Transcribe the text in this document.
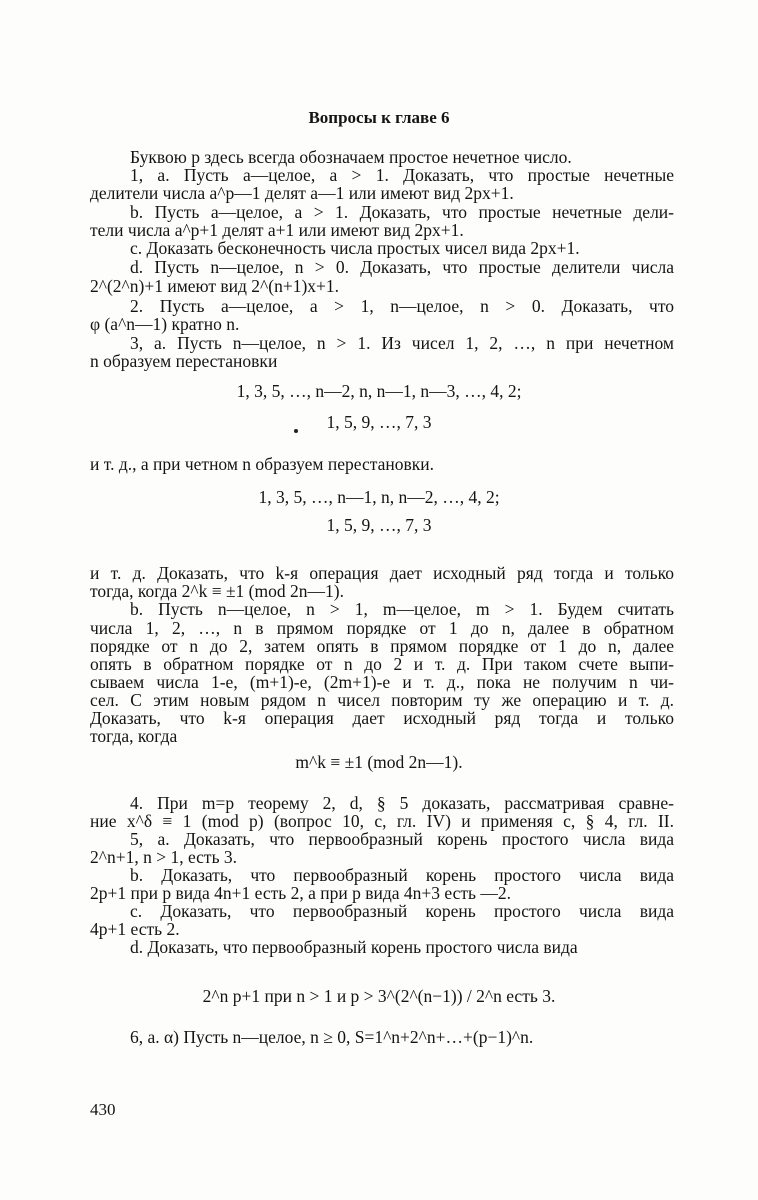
Вопросы к главе 6
Буквою p здесь всегда обозначаем простое нечетное число.
1, a. Пусть a—целое, a > 1. Доказать, что простые нечетные
делители числа a^p—1 делят a—1 или имеют вид 2px+1.
b. Пусть a—целое, a > 1. Доказать, что простые нечетные дели-
тели числа a^p+1 делят a+1 или имеют вид 2px+1.
c. Доказать бесконечность числа простых чисел вида 2px+1.
d. Пусть n—целое, n > 0. Доказать, что простые делители числа
2^(2^n)+1 имеют вид 2^(n+1)x+1.
2. Пусть a—целое, a > 1, n—целое, n > 0. Доказать, что
φ (a^n—1) кратно n.
3, a. Пусть n—целое, n > 1. Из чисел 1, 2, …, n при нечетном
n образуем перестановки
1, 3, 5, …, n—2, n, n—1, n—3, …, 4, 2;
1, 5, 9, …, 7, 3
и т. д., а при четном n образуем перестановки.
1, 3, 5, …, n—1, n, n—2, …, 4, 2;
1, 5, 9, …, 7, 3
и т. д. Доказать, что k-я операция дает исходный ряд тогда и только
тогда, когда 2^k ≡ ±1 (mod 2n—1).
b. Пусть n—целое, n > 1, m—целое, m > 1. Будем считать
числа 1, 2, …, n в прямом порядке от 1 до n, далее в обратном
порядке от n до 2, затем опять в прямом порядке от 1 до n, далее
опять в обратном порядке от n до 2 и т. д. При таком счете выпи-
сываем числа 1-е, (m+1)-е, (2m+1)-е и т. д., пока не получим n чи-
сел. С этим новым рядом n чисел повторим ту же операцию и т. д.
Доказать, что k-я операция дает исходный ряд тогда и только
тогда, когда
m^k ≡ ±1 (mod 2n—1).
4. При m=p теорему 2, d, § 5 доказать, рассматривая сравне-
ние x^δ ≡ 1 (mod p) (вопрос 10, c, гл. IV) и применяя c, § 4, гл. II.
5, a. Доказать, что первообразный корень простого числа вида
2^n+1, n > 1, есть 3.
b. Доказать, что первообразный корень простого числа вида
2p+1 при p вида 4n+1 есть 2, а при p вида 4n+3 есть —2.
c. Доказать, что первообразный корень простого числа вида
4p+1 есть 2.
d. Доказать, что первообразный корень простого числа вида
2^n p+1 при n > 1 и p > 3^(2^(n−1)) / 2^n есть 3.
6, a. α) Пусть n—целое, n ≥ 0, S=1^n+2^n+…+(p−1)^n.
430
